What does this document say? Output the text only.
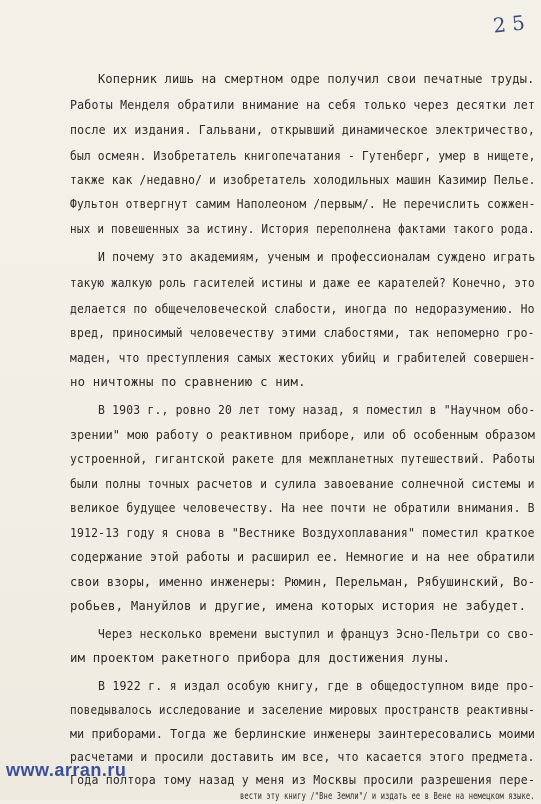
2 5
Коперник лишь на смертном одре получил свои печатные труды.
Работы Менделя обратили внимание на себя только через десятки лет
после их издания. Гальвани, открывший динамическое электричество,
был осмеян. Изобретатель книгопечатания - Гутенберг, умер в нищете,
также как /недавно/ и изобретатель холодильных машин Казимир Пелье.
Фультон отвергнут самим Наполеоном /первым/. Не перечислить сожжен-
ных и повешенных за истину. История переполнена фактами такого рода.
И почему это академиям, ученым и профессионалам суждено играть
такую жалкую роль гасителей истины и даже ее карателей? Конечно, это
делается по общечеловеческой слабости, иногда по недоразумению. Но
вред, приносимый человечеству этими слабостями, так непомерно гро-
маден, что преступления самых жестоких убийц и грабителей совершен-
но ничтожны по сравнению с ним.
В 1903 г., ровно 20 лет тому назад, я поместил в "Научном обо-
зрении" мою работу о реактивном приборе, или об особенным образом
устроенной, гигантской ракете для межпланетных путешествий. Работы
были полны точных расчетов и сулила завоевание солнечной системы и
великое будущее человечеству. На нее почти не обратили внимания. В
1912-13 году я снова в "Вестнике Воздухоплавания" поместил краткое
содержание этой работы и расширил ее. Немногие и на нее обратили
свои взоры, именно инженеры: Рюмин, Перельман, Рябушинский, Во-
робьев, Мануйлов и другие, имена которых история не забудет.
Через несколько времени выступил и француз Эсно-Пельтри со сво-
им проектом ракетного прибора для достижения луны.
В 1922 г. я издал особую книгу, где в общедоступном виде про-
поведывалось исследование и заселение мировых пространств реактивны-
ми приборами. Тогда же берлинские инженеры заинтересовались моими
расчетами и просили доставить им все, что касается этого предмета.
Года полтора тому назад у меня из Москвы просили разрешения пере-
вести эту книгу /"Вне Земли"/ и издать ее в Вене на немецком языке.
www.arran.ru
